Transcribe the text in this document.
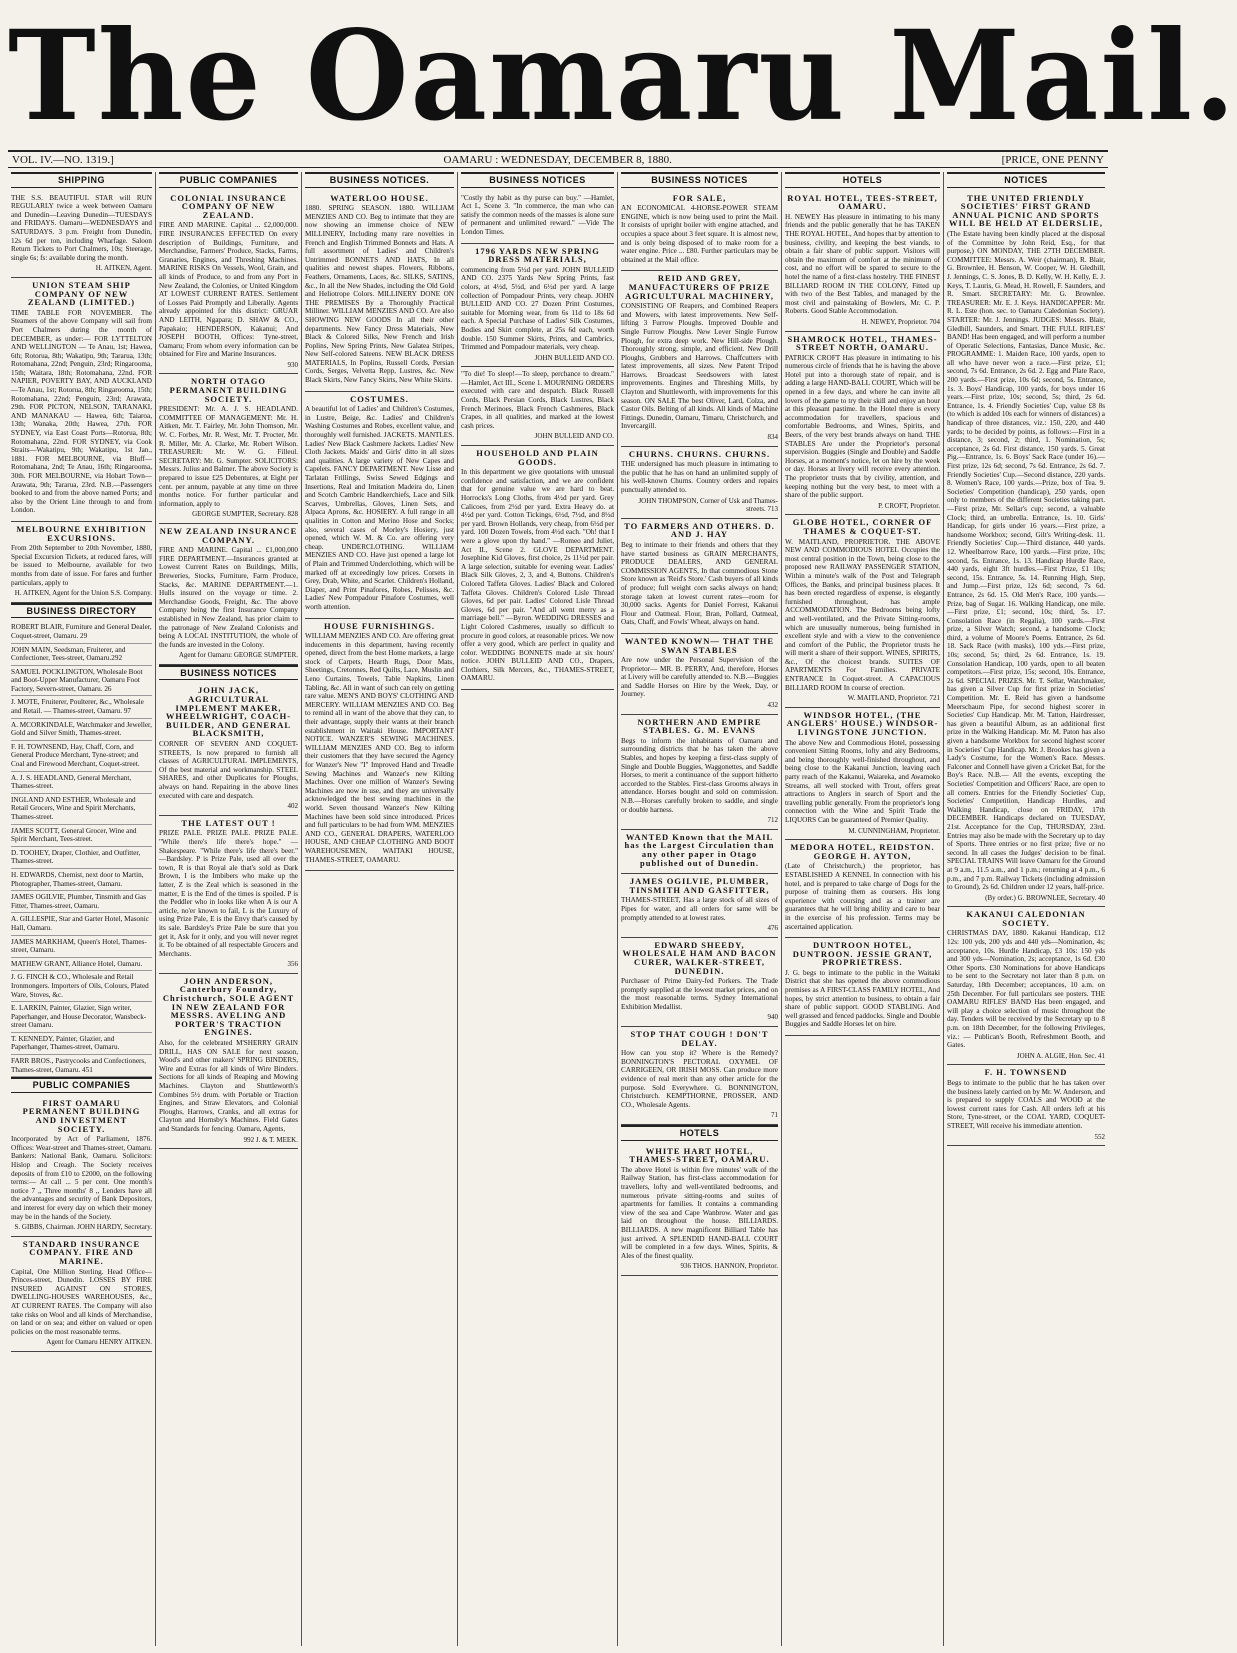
The Oamaru Mail.
VOL. IV.—NO. 1319.]	OAMARU : WEDNESDAY, DECEMBER 8, 1880.	[PRICE, ONE PENNY
SHIPPING

THE S.S. BEAUTIFUL STAR will RUN REGULARLY twice a week between Oamaru and Dunedin—Leaving Dunedin—TUESDAYS and FRIDAYS. Oamaru—WEDNESDAYS and SATURDAYS. 3 p.m. Freight from Dunedin, 12s 6d per ton, including Wharfage. Saloon Return Tickets to Port Chalmers, 10s; Steerage, single 6s; fs: available during the month.

H. AITKEN, Agent.
UNION STEAM SHIP COMPANY OF NEW ZEALAND (LIMITED.)

TIME TABLE FOR NOVEMBER. The Steamers of the above Company will sail from Port Chalmers during the month of DECEMBER, as under:— FOR LYTTELTON AND WELLINGTON — Te Anau, 1st; Hawea, 6th; Rotorua, 8th; Wakatipu, 9th; Tararua, 13th; Rotomahana, 22nd; Penguin, 23rd; Ringarooma, 15th; Waitara, 18th; Rotomahana, 22nd. FOR NAPIER, POVERTY BAY, AND AUCKLAND—Te Anau, 1st; Rotorua, 8th; Ringarooma, 15th; Rotomahana, 22nd; Penguin, 23rd; Arawata, 29th. FOR PICTON, NELSON, TARANAKI, AND MANAKAU — Hawea, 6th; Taiaroa, 13th; Wanaka, 20th; Hawea, 27th. FOR SYDNEY, via East Coast Ports—Rotorua, 8th; Rotomahana, 22nd. FOR SYDNEY, via Cook Straits—Wakatipu, 9th; Wakatipu, 1st Jan., 1881. FOR MELBOURNE, via Bluff—Rotomahana, 2nd; Te Anau, 16th; Ringarooma, 30th. FOR MELBOURNE, via Hobart Town—Arawata, 9th; Tararua, 23rd. N.B.—Passengers booked to and from the above named Ports; and also by the Orient Line through to and from London.

MELBOURNE EXHIBITION EXCURSIONS.

From 20th September to 20th November, 1880, Special Excursion Tickets, at reduced fares, will be issued to Melbourne, available for two months from date of issue. For fares and further particulars, apply to

H. AITKEN, Agent for the Union S.S. Company.
BUSINESS DIRECTORY

ROBERT BLAIR, Furniture and General Dealer, Coquet-street, Oamaru. 29

JOHN MAIN, Seedsman, Fruiterer, and Confectioner, Tees-street, Oamaru.292

SAMUEL POCKLINGTON, Wholesale Boot and Boot-Upper Manufacturer, Oamaru Foot Factory, Severn-street, Oamaru. 26

J. MOTE, Fruiterer, Poulterer, &c., Wholesale and Retail. — Thames-street, Oamaru. 97

A. MCORKINDALE, Watchmaker and Jeweller, Gold and Silver Smith, Thames-street.

F. H. TOWNSEND, Hay, Chaff, Corn, and General Produce Merchant, Tyne-street; and Coal and Firewood Merchant, Coquet-street.

A. J. S. HEADLAND, General Merchant, Thames-street.

INGLAND AND ESTHER, Wholesale and Retail Grocers, Wine and Spirit Merchants, Thames-street.

JAMES SCOTT, General Grocer, Wine and Spirit Merchant, Tees-street.

D. TOOHEY, Draper, Clothier, and Outfitter, Thames-street.

H. EDWARDS, Chemist, next door to Martin, Photographer, Thames-street, Oamaru.

JAMES OGILVIE, Plumber, Tinsmith and Gas Fitter, Thames-street, Oamaru.

A. GILLESPIE, Star and Garter Hotel, Masonic Hall, Oamaru.

JAMES MARKHAM, Queen's Hotel, Thames-street, Oamaru.

MATHEW GRANT, Alliance Hotel, Oamaru.

J. G. FINCH & CO., Wholesale and Retail Ironmongers. Importers of Oils, Colours, Plated Ware, Stoves, &c.

E. LARKIN, Painter, Glazier, Sign writer, Paperhanger, and House Decorator, Wansbeck-street Oamaru.

T. KENNEDY, Painter, Glazier, and Paperhanger, Thames-street, Oamaru.

FARR BROS., Pastrycooks and Confectioners, Thames-street, Oamaru. 451

PUBLIC COMPANIES
FIRST OAMARU PERMANENT BUILDING AND INVESTMENT SOCIETY.

Incorporated by Act of Parliament, 1876. Offices: Wear-street and Thames-street, Oamaru. Bankers: National Bank, Oamaru. Solicitors: Hislop and Creagh. The Society receives deposits of from £10 to £2000, on the following terms:— At call ... 5 per cent. One month's notice 7 ,, Three months' 8 ,, Lenders have all the advantages and security of Bank Depositors, and interest for every day on which their money may be in the hands of the Society.

S. GIBBS, Chairman. JOHN HARDY, Secretary.
STANDARD INSURANCE COMPANY. FIRE AND MARINE.

Capital, One Million Sterling. Head Office—Princes-street, Dunedin. LOSSES BY FIRE INSURED AGAINST ON STORES, DWELLING-HOUSES WAREHOUSES, &c., AT CURRENT RATES. The Company will also take risks on Wool and all kinds of Merchandise, on land or on sea; and either on valued or open policies on the most reasonable terms.

Agent for Oamaru HENRY AITKEN.
PUBLIC COMPANIES
COLONIAL INSURANCE COMPANY OF NEW ZEALAND.

FIRE AND MARINE. Capital ... £2,000,000. FIRE INSURANCES EFFECTED On every description of Buildings, Furniture, and Merchandise, Farmers' Produce, Stacks, Farms, Granaries, Engines, and Threshing Machines. MARINE RISKS On Vessels, Wool, Grain, and all kinds of Produce, to and from any Port in New Zealand, the Colonies, or United Kingdom AT LOWEST CURRENT RATES. Settlement of Losses Paid Promptly and Liberally. Agents already appointed for this district: GRUAR AND LEITH, Ngapara; D. SHAW & CO., Papakaio; HENDERSON, Kakanui; And JOSEPH BOOTH, Offices: Tyne-street, Oamaru; From whom every information can be obtained for Fire and Marine Insurances.

930
NORTH OTAGO PERMANENT BUILDING SOCIETY.

PRESIDENT: Mr. A. J. S. HEADLAND. COMMITTEE OF MANAGEMENT: Mr. H. Aitken, Mr. T. Fairley, Mr. John Thomson, Mr. W. C. Forbes, Mr. R. West, Mr. T. Procter, Mr. R. Miller, Mr. A. Clarke, Mr. Robert Wilson. TREASURER: Mr. W. G. Filleul. SECRETARY: Mr. G. Sumpter. SOLICITORS: Messrs. Julius and Balmer. The above Society is prepared to issue £25 Debentures, at Eight per cent. per annum, payable at any time on three months notice. For further particular and information, apply to

GEORGE SUMPTER, Secretary. 828
NEW ZEALAND INSURANCE COMPANY.

FIRE AND MARINE. Capital ... £1,000,000 FIRE DEPARTMENT.—Insurances granted at Lowest Current Rates on Buildings, Mills, Breweries, Stocks, Furniture, Farm Produce, Stacks, &c. MARINE DEPARTMENT.—1. Hulls insured on the voyage or time. 2. Merchandise Goods, Freight, &c. The above Company being the first Insurance Company established in New Zealand, has prior claim to the patronage of New Zealand Colonists and being A LOCAL INSTITUTION, the whole of the funds are invested in the Colony.

Agent for Oamaru: GEORGE SUMPTER.
BUSINESS NOTICES
JOHN JACK, AGRICULTURAL IMPLEMENT MAKER, WHEELWRIGHT, COACH-BUILDER, AND GENERAL BLACKSMITH,

CORNER OF SEVERN AND COQUET-STREETS, Is now prepared to furnish all classes of AGRICULTURAL IMPLEMENTS, Of the best material and workmanship. STEEL SHARES, and other Duplicates for Ploughs, always on hand. Repairing in the above lines executed with care and despatch.

402
THE LATEST OUT !

PRIZE PALE. PRIZE PALE. PRIZE PALE. "While there's life there's hope." —Shakespeare. "While there's life there's beer." —Bardsley. P is Prize Pale, used all over the town, R is that Royal ale that's sold as Dark Brown, I is the Imbibers who make up the latter, Z is the Zeal which is seasoned in the matter, E is the End of the times is spoiled. P is the Peddler who in looks like when A is our A article, no'er known to fail, L is the Luxury of using Prize Pale, E is the Envy that's caused by its sale. Bardsley's Prize Pale be sure that you get it, Ask for it only, and you will never regret it. To be obtained of all respectable Grocers and Merchants.

356
JOHN ANDERSON, Canterbury Foundry, Christchurch, SOLE AGENT IN NEW ZEALAND FOR MESSRS. AVELING AND PORTER'S TRACTION ENGINES.

Also, for the celebrated M'SHERRY GRAIN DRILL, HAS ON SALE for next season, Wood's and other makers' SPRING BINDERS, Wire and Extras for all kinds of Wire Binders. Sections for all kinds of Reaping and Mowing Machines. Clayton and Shuttleworth's Combines 5½ drum. with Portable or Traction Engines, and Straw Elevators, and Colonial Ploughs, Harrows, Cranks, and all extras for Clayton and Hornsby's Machines. Field Gates and Standards for fencing. Oamaru, Agents,

992 J. & T. MEEK.
BUSINESS NOTICES.
WATERLOO HOUSE.

1880. SPRING SEASON. 1880. WILLIAM MENZIES AND CO. Beg to intimate that they are now showing an immense choice of NEW MILLINERY, Including many rare novelties in French and English Trimmed Bonnets and Hats. A full assortment of Ladies' and Children's Untrimmed BONNETS AND HATS, In all qualities and newest shapes. Flowers, Ribbons, Feathers, Ornaments, Laces, &c. SILKS, SATINS, &c., In all the New Shades, including the Old Gold and Heliotrope Colors. MILLINERY DONE ON THE PREMISES By a Thoroughly Practical Milliner. WILLIAM MENZIES AND CO. Are also SHOWING NEW GOODS In all their other departments. New Fancy Dress Materials, New Black & Colored Silks, New French and Irish Poplins, New Spring Prints, New Galatea Stripes, New Self-colored Sateens. NEW BLACK DRESS MATERIALS, In Poplins, Russell Cords, Persian Cords, Serges, Velvetta Repp, Lustres, &c. New Black Skirts, New Fancy Skirts, New White Skirts.

COSTUMES.

A beautiful lot of Ladies' and Children's Costumes, in Lustre, Beige, &c. Ladies' and Children's Washing Costumes and Robes, excellent value, and thoroughly well furnished. JACKETS. MANTLES. Ladies' New Black Cashmere Jackets. Ladies' New Cloth Jackets. Maids' and Girls' ditto in all sizes and qualities. A large variety of New Capes and Capelets. FANCY DEPARTMENT. New Lisse and Tarlatan Frillings, Swiss Sewed Edgings and Insertions, Real and Imitation Madeira do, Linen and Scotch Cambric Handkerchiefs, Lace and Silk Scarves, Umbrellas, Gloves, Linen Sets, and Alpaca Aprons, &c. HOSIERY. A full range in all qualities in Cotton and Merino Hose and Socks; also, several cases of Morley's Hosiery, just opened, which W. M. & Co. are offering very cheap. UNDERCLOTHING. WILLIAM MENZIES AND CO. Have just opened a large lot of Plain and Trimmed Underclothing, which will be marked off at exceedingly low prices. Corsets in Grey, Drab, White, and Scarlet. Children's Holland, Diaper, and Print Pinafores, Robes, Pelisses, &c. Ladies' New Pompadour Pinafore Costumes, well worth attention.

HOUSE FURNISHINGS.

WILLIAM MENZIES AND CO. Are offering great inducements in this department, having recently opened, direct from the best Home markets, a large stock of Carpets, Hearth Rugs, Door Mats, Sheetings, Cretonnes, Red Quilts, Lace, Muslin and Leno Curtains, Towels, Table Napkins, Linen Tabling, &c. All in want of such can rely on getting rare value. MEN'S AND BOYS' CLOTHING AND MERCERY. WILLIAM MENZIES AND CO. Beg to remind all in want of the above that they can, to their advantage, supply their wants at their branch establishment in Waitaki House. IMPORTANT NOTICE. WANZER'S SEWING MACHINES. WILLIAM MENZIES AND CO. Beg to inform their customers that they have secured the Agency for Wanzer's New "I" Improved Hand and Treadle Sewing Machines and Wanzer's new Kilting Machines. Over one million of Wanzer's Sewing Machines are now in use, and they are universally acknowledged the best sewing machines in the world. Seven thousand Wanzer's New Kilting Machines have been sold since introduced. Prices and full particulars to be had from WM. MENZIES AND CO., GENERAL DRAPERS, WATERLOO HOUSE, AND CHEAP CLOTHING AND BOOT WAREHOUSEMEN, WAITAKI HOUSE, THAMES-STREET, OAMARU.

BUSINESS NOTICES

"Costly thy habit as thy purse can buy." —Hamlet, Act I., Scene 3. "In commerce, the man who can satisfy the common needs of the masses is alone sure of permanent and unlimited reward." —Vide The London Times.

1796 YARDS NEW SPRING DRESS MATERIALS,

commencing from 5½d per yard. JOHN BULLEID AND CO. 2375 Yards New Spring Prints, fast colors, at 4½d, 5½d, and 6½d per yard. A large collection of Pompadour Prints, very cheap. JOHN BULLEID AND CO. 27 Dozen Print Costumes, suitable for Morning wear, from 6s 11d to 18s 6d each. A Special Purchase of Ladies' Silk Costumes, Bodies and Skirt complete, at 25s 6d each, worth double. 150 Summer Skirts, Prints, and Cambrics, Trimmed and Pompadour materials, very cheap.

JOHN BULLEID AND CO.

"To die! To sleep!—To sleep, perchance to dream." —Hamlet, Act III., Scene 1. MOURNING ORDERS executed with care and despatch. Black Russell Cords, Black Persian Cords, Black Lustres, Black French Merinoes, Black French Cashmeres, Black Crapes, in all qualities, and marked at the lowest cash prices.

JOHN BULLEID AND CO.
HOUSEHOLD AND PLAIN GOODS.

In this department we give quotations with unusual confidence and satisfaction, and we are confident that for genuine value we are hard to beat. Horrocks's Long Cloths, from 4½d per yard. Grey Calicoes, from 2½d per yard. Extra Heavy do. at 4½d per yard. Cotton Tickings, 6½d, 7½d, and 8½d per yard. Brown Hollands, very cheap, from 6½d per yard. 100 Dozen Towels, from 4½d each. "Oh! that I were a glove upon thy hand." —Romeo and Juliet, Act II., Scene 2. GLOVE DEPARTMENT. Josephine Kid Gloves, first choice, 2s 11½d per pair. A large selection, suitable for evening wear. Ladies' Black Silk Gloves, 2, 3, and 4, Buttons. Children's Colored Taffeta Gloves. Ladies' Black and Colored Taffeta Gloves. Children's Colored Lisle Thread Gloves, 6d per pair. Ladies' Colored Lisle Thread Gloves, 6d per pair. "And all went merry as a marriage bell." —Byron. WEDDING DRESSES and Light Colored Cashmeres, usually so difficult to procure in good colors, at reasonable prices. We now offer a very good, which are perfect in quality and color. WEDDING BONNETS made at six hours' notice. JOHN BULLEID AND CO., Drapers, Clothiers, Silk Mercers, &c., THAMES-STREET, OAMARU.

BUSINESS NOTICES
FOR SALE,

AN ECONOMICAL 4-HORSE-POWER STEAM ENGINE, which is now being used to print the Mail. It consists of upright boiler with engine attached, and occupies a space about 3 feet square. It is almost new, and is only being disposed of to make room for a water engine. Price ... £80. Further particulars may be obtained at the Mail office.

REID AND GREY, MANUFACTURERS OF PRIZE AGRICULTURAL MACHINERY,

CONSISTING OF Reapers, and Combined Reapers and Mowers, with latest improvements. New Self-lifting 3 Furrow Ploughs. Improved Double and Single Furrow Ploughs. New Lever Single Furrow Plough, for extra deep work. New Hill-side Plough. Thoroughly strong, simple, and efficient. New Drill Ploughs, Grubbers and Harrows. Chaffcutters with latest improvements, all sizes. New Patent Tripod Harrows. Broadcast Seedsowers with latest improvements. Engines and Threshing Mills, by Clayton and Shuttleworth, with improvements for this season. ON SALE The best Oliver, Lard, Colza, and Castor Oils. Belting of all kinds. All kinds of Machine Fittings. Dunedin, Oamaru, Timaru, Christchurch, and Invercargill.

834
CHURNS. CHURNS. CHURNS.

THE undersigned has much pleasure in intimating to the public that he has on hand an unlimited supply of his well-known Churns. Country orders and repairs punctually attended to.

JOHN THOMPSON, Corner of Usk and Thames-streets. 713
TO FARMERS AND OTHERS. D. AND J. HAY

Beg to intimate to their friends and others that they have started business as GRAIN MERCHANTS, PRODUCE DEALERS, AND GENERAL COMMISSION AGENTS, In that commodious Stone Store known as 'Reid's Store.' Cash buyers of all kinds of produce; full weight corn sacks always on hand; storage taken at lowest current rates—room for 30,000 sacks. Agents for Daniel Forrest, Kakanui Flour and Oatmeal. Flour, Bran, Pollard, Oatmeal, Oats, Chaff, and Fowls' Wheat, always on hand.

WANTED KNOWN— THAT THE SWAN STABLES

Are now under the Personal Supervision of the Proprietor— MR. B. PERRY, And, therefore, Horses at Livery will be carefully attended to. N.B.—Buggies and Saddle Horses on Hire by the Week, Day, or Journey.

432
NORTHERN AND EMPIRE STABLES. G. M. EVANS

Begs to inform the inhabitants of Oamaru and surrounding districts that he has taken the above Stables, and hopes by keeping a first-class supply of Single and Double Buggies, Waggonettes, and Saddle Horses, to merit a continuance of the support hitherto accorded to the Stables. First-class Grooms always in attendance. Horses bought and sold on commission. N.B.—Horses carefully broken to saddle, and single or double harness.

712
WANTED Known that the MAIL has the Largest Circulation than any other paper in Otago published out of Dunedin.
JAMES OGILVIE, PLUMBER, TINSMITH AND GASFITTER,

THAMES-STREET, Has a large stock of all sizes of Pipes for water, and all orders for same will be promptly attended to at lowest rates.

476
EDWARD SHEEDY, WHOLESALE HAM AND BACON CURER, WALKER-STREET, DUNEDIN.

Purchaser of Prime Dairy-fed Porkers. The Trade promptly supplied at the lowest market prices, and on the most reasonable terms. Sydney International Exhibition Medallist.

940
STOP THAT COUGH ! DON'T DELAY.

How can you stop it? Where is the Remedy? BONNINGTON'S PECTORAL OXYMEL OF CARRIGEEN, OR IRISH MOSS. Can produce more evidence of real merit than any other article for the purpose. Sold Everywhere. G. BONNINGTON, Christchurch. KEMPTHORNE, PROSSER, AND CO., Wholesale Agents.

71
HOTELS
WHITE HART HOTEL, THAMES-STREET, OAMARU.

The above Hotel is within five minutes' walk of the Railway Station, has first-class accommodation for travellers, lofty and well-ventilated bedrooms, and numerous private sitting-rooms and suites of apartments for families. It contains a commanding view of the sea and Cape Wanbrow. Water and gas laid on throughout the house. BILLIARDS. BILLIARDS. A new magnificent Billiard Table has just arrived. A SPLENDID HAND-BALL COURT will be completed in a few days. Wines, Spirits, & Ales of the finest quality.

936 THOS. HANNON, Proprietor.
HOTELS
ROYAL HOTEL, TEES-STREET, OAMARU.

H. NEWEY Has pleasure in intimating to his many friends and the public generally that he has TAKEN THE ROYAL HOTEL, And hopes that by attention to business, civility, and keeping the best viands, to obtain a fair share of public support. Visitors will obtain the maximum of comfort at the minimum of cost, and no effort will be spared to secure to the hotel the name of a first-class hostelry. THE FINEST BILLIARD ROOM IN THE COLONY, Fitted up with two of the Best Tables, and managed by the most civil and painstaking of Bowlers, Mr. C. P. Roberts. Good Stable Accommodation.

H. NEWEY, Proprietor. 704
SHAMROCK HOTEL, THAMES-STREET NORTH, OAMARU.

PATRICK CROFT Has pleasure in intimating to his numerous circle of friends that he is having the above Hotel put into a thorough state of repair, and is adding a large HAND-BALL COURT, Which will be opened in a few days, and where he can invite all lovers of the game to try their skill and enjoy an hour at this pleasant pastime. In the Hotel there is every accommodation for travellers, spacious and comfortable Bedrooms, and Wines, Spirits, and Beers, of the very best brands always on hand. THE STABLES Are under the Proprietor's personal supervision. Buggies (Single and Double) and Saddle Horses, at a moment's notice, let on hire by the week or day. Horses at livery will receive every attention. The proprietor trusts that by civility, attention, and keeping nothing but the very best, to meet with a share of the public support.

P. CROFT, Proprietor.
GLOBE HOTEL, CORNER OF THAMES & COQUET-ST.

W. MAITLAND, PROPRIETOR. THE ABOVE NEW AND COMMODIOUS HOTEL Occupies the most central position in the Town, being close to the proposed new RAILWAY PASSENGER STATION, Within a minute's walk of the Post and Telegraph Offices, the Banks, and principal business places. It has been erected regardless of expense, is elegantly furnished throughout, has ample ACCOMMODATION. The Bedrooms being lofty and well-ventilated, and the Private Sitting-rooms, which are unusually numerous, being furnished in excellent style and with a view to the convenience and comfort of the Public, the Proprietor trusts he will merit a share of their support. WINES, SPIRITS, &c., Of the choicest brands. SUITES OF APARTMENTS For Families. PRIVATE ENTRANCE In Coquet-street. A CAPACIOUS BILLIARD ROOM In course of erection.

W. MAITLAND, Proprietor. 721
WINDSOR HOTEL, (THE ANGLERS' HOUSE.) WINDSOR-LIVINGSTONE JUNCTION.

The above New and Commodious Hotel, possessing convenient Sitting Rooms, lofty and airy Bedrooms, and being thoroughly well-finished throughout, and being close to the Kakanui Junction, leaving each party reach of the Kakanui, Waiareka, and Awamoko Streams, all well stocked with Trout, offers great attractions to Anglers in search of Sport and the travelling public generally. From the proprietor's long connection with the Wine and Spirit Trade the LIQUORS Can be guaranteed of Premier Quality.

M. CUNNINGHAM, Proprietor.
MEDORA HOTEL, REIDSTON. GEORGE H. AYTON,

(Late of Christchurch,) the proprietor, has ESTABLISHED A KENNEL In connection with his hotel, and is prepared to take charge of Dogs for the purpose of training them as coursers. His long experience with coursing and as a trainer are guarantees that he will bring ability and care to bear in the exercise of his profession. Terms may be ascertained application.

DUNTROON HOTEL, DUNTROON. JESSIE GRANT, PROPRIETRESS.

J. G. begs to intimate to the public in the Waitaki District that she has opened the above commodious premises as A FIRST-CLASS FAMILY HOTEL, And hopes, by strict attention to business, to obtain a fair share of public support. GOOD STABLING. And well grassed and fenced paddocks. Single and Double Buggies and Saddle Horses let on hire.

NOTICES
THE UNITED FRIENDLY SOCIETIES' FIRST GRAND ANNUAL PICNIC AND SPORTS WILL BE HELD AT ELDERSLIE,

(The Estate having been kindly placed at the disposal of the Committee by John Reid, Esq., for that purpose,) ON MONDAY, THE 27TH DECEMBER. COMMITTEE: Messrs. A. Weir (chairman), R. Blair, G. Brownlee, H. Benson, W. Cooper, W. H. Gledhill, J. Jennings, C. S. Jones, B. D. Kelly, W. H. Kelly, E. J. Keys, T. Lauris, G. Mead, H. Rowell, F. Saunders, and R. Smart. SECRETARY: Mr. G. Brownlee. TREASURER: Mr. E. J. Keys. HANDICAPPER: Mr. R. L. Este (hon. sec. to Oamaru Caledonian Society). STARTER: Mr. J. Jennings. JUDGES: Messrs. Blair, Gledhill, Saunders, and Smart. THE FULL RIFLES' BAND! Has been engaged, and will perform a number of Operatic Selections, Fantasias, Dance Music, &c. PROGRAMME: 1. Maiden Race, 100 yards, open to all who have never won a race.—First prize, £1; second, 7s 6d. Entrance, 2s 6d. 2. Egg and Plate Race, 200 yards.—First prize, 10s 6d; second, 5s. Entrance, 1s. 3. Boys' Handicap, 100 yards, for boys under 16 years.—First prize, 10s; second, 5s; third, 2s 6d. Entrance, 1s. 4. Friendly Societies' Cup, value £8 8s (to which is added 10s each for winners of distances) a handicap of three distances, viz.: 150, 220, and 440 yards; to be decided by points, as follows:—First in a distance, 3; second, 2; third, 1. Nomination, 5s; acceptance, 2s 6d. First distance, 150 yards. 5. Great Pig.—Entrance, 1s. 6. Boys' Sack Race (under 16).—First prize, 12s 6d; second, 7s 6d. Entrance, 2s 6d. 7. Friendly Societies' Cup.—Second distance, 220 yards. 8. Women's Race, 100 yards.—Prize, box of Tea. 9. Societies' Competition (handicap), 250 yards, open only to members of the different Societies taking part.—First prize, Mr. Sellar's cup; second, a valuable Clock; third, an umbrella. Entrance, 1s. 10. Girls' Handicap, for girls under 16 years.—First prize, a handsome Workbox; second, Gilt's Writing-desk. 11. Friendly Societies' Cup.—Third distance, 440 yards. 12. Wheelbarrow Race, 100 yards.—First prize, 10s; second, 5s. Entrance, 1s. 13. Handicap Hurdle Race, 440 yards, eight 3ft hurdles.—First Prize, £1 10s; second, 15s. Entrance, 5s. 14. Running High, Step, and Jump.—First prize, 12s 6d; second, 7s 6d. Entrance, 2s 6d. 15. Old Men's Race, 100 yards.—Prize, bag of Sugar. 16. Walking Handicap, one mile.—First prize, £1; second, 10s; third, 5s. 17. Consolation Race (in Regalia), 100 yards.—First prize, a Silver Watch; second, a handsome Clock; third, a volume of Moore's Poems. Entrance, 2s 6d. 18. Sack Race (with masks), 100 yds.—First prize, 10s; second, 5s; third, 2s 6d. Entrance, 1s. 19. Consolation Handicap, 100 yards, open to all beaten competitors.—First prize, 15s; second, 10s. Entrance, 2s 6d. SPECIAL PRIZES. Mr. T. Sellar, Watchmaker, has given a Silver Cup for first prize in Societies' Competition. Mr. E. Reid has given a handsome Meerschaum Pipe, for second highest scorer in Societies' Cup Handicap. Mr. M. Tatton, Hairdresser, has given a beautiful Album, as an additional first prize in the Walking Handicap. Mr. M. Paton has also given a handsome Workbox for second highest scorer in Societies' Cup Handicap. Mr. J. Brookes has given a Lady's Costume, for the Women's Race. Messrs. Falconer and Connell have given a Cricket Bat, for the Boy's Race. N.B.— All the events, excepting the Societies' Competition and Officers' Race, are open to all comers. Entries for the Friendly Societies' Cup, Societies' Competition, Handicap Hurdles, and Walking Handicap, close on FRIDAY, 17th DECEMBER. Handicaps declared on TUESDAY, 21st. Acceptance for the Cup, THURSDAY, 23rd. Entries may also be made with the Secretary up to day of Sports. Three entries or no first prize; five or no second. In all cases the Judges' decision to be final. SPECIAL TRAINS Will leave Oamaru for the Ground at 9 a.m., 11.5 a.m., and 1 p.m.; returning at 4 p.m., 6 p.m., and 7 p.m. Railway Tickets (including admission to Ground), 2s 6d. Children under 12 years, half-price.

(By order.) G. BROWNLEE, Secretary. 40
KAKANUI CALEDONIAN SOCIETY.

CHRISTMAS DAY, 1880. Kakanui Handicap, £12 12s: 100 yds, 200 yds and 440 yds—Nomination, 4s; acceptance, 10s. Hurdle Handicap, £3 10s: 150 yds and 300 yds—Nomination, 2s; acceptance, 1s 6d. £30 Other Sports. £30 Nominations for above Handicaps to be sent to the Secretary not later than 8 p.m. on Saturday, 18th December; acceptances, 10 a.m. on 25th December. For full particulars see posters. THE OAMARU RIFLES' BAND Has been engaged, and will play a choice selection of music throughout the day. Tenders will be received by the Secretary up to 8 p.m. on 18th December, for the following Privileges, viz.: — Publican's Booth, Refreshment Booth, and Gates.

JOHN A. ALGIE, Hon. Sec. 41
F. H. TOWNSEND

Begs to intimate to the public that he has taken over the business lately carried on by Mr. W. Anderson, and is prepared to supply COALS and WOOD at the lowest current rates for Cash. All orders left at his Store, Tyne-street, or the COAL YARD, COQUET-STREET, Will receive his immediate attention.

552
